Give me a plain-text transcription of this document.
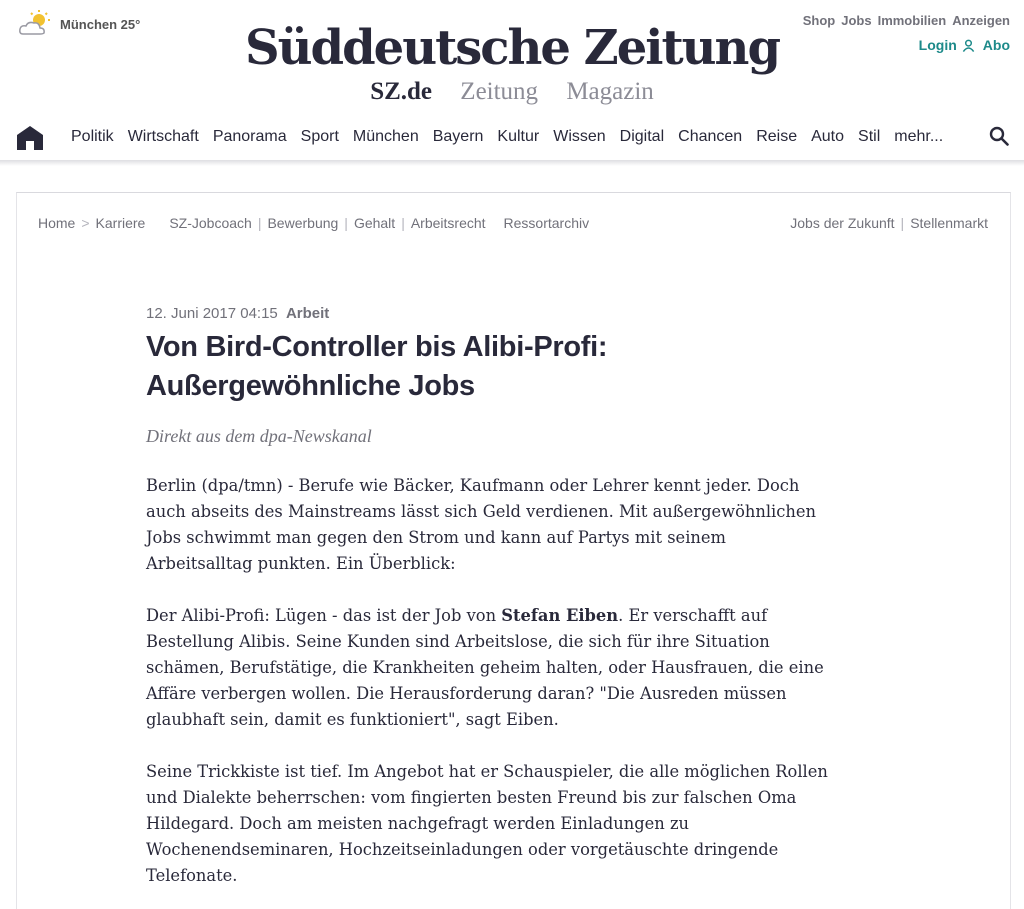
München 25°	Shop Jobs Immobilien Anzeigen
Login Abo
Süddeutsche Zeitung
SZ.de Zeitung Magazin
Politik Wirtschaft Panorama Sport München Bayern Kultur Wissen Digital Chancen Reise Auto Stil mehr...
Home > Karriere SZ-Jobcoach | Bewerbung | Gehalt | Arbeitsrecht Ressortarchiv	Jobs der Zukunft | Stellenmarkt
12. Juni 2017 04:15 Arbeit
Von Bird-Controller bis Alibi-Profi:
Außergewöhnliche Jobs
Direkt aus dem dpa-Newskanal

Berlin (dpa/tmn) - Berufe wie Bäcker, Kaufmann oder Lehrer kennt jeder. Doch auch abseits des Mainstreams lässt sich Geld verdienen. Mit außergewöhnlichen Jobs schwimmt man gegen den Strom und kann auf Partys mit seinem Arbeitsalltag punkten. Ein Überblick:

Der Alibi-Profi: Lügen - das ist der Job von Stefan Eiben. Er verschafft auf Bestellung Alibis. Seine Kunden sind Arbeitslose, die sich für ihre Situation schämen, Berufstätige, die Krankheiten geheim halten, oder Hausfrauen, die eine Affäre verbergen wollen. Die Herausforderung daran? "Die Ausreden müssen glaubhaft sein, damit es funktioniert", sagt Eiben.

Seine Trickkiste ist tief. Im Angebot hat er Schauspieler, die alle möglichen Rollen und Dialekte beherrschen: vom fingierten besten Freund bis zur falschen Oma Hildegard. Doch am meisten nachgefragt werden Einladungen zu Wochenendseminaren, Hochzeitseinladungen oder vorgetäuschte dringende Telefonate.
